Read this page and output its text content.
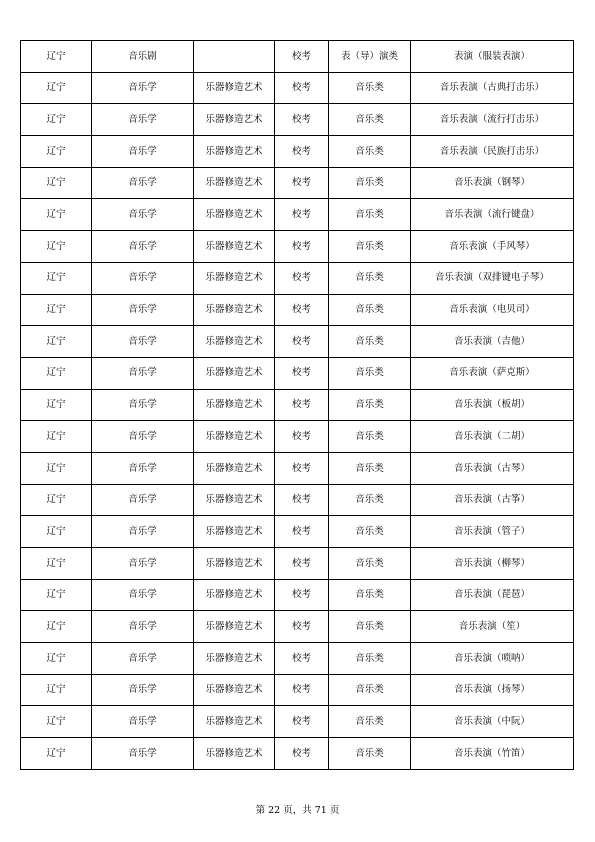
辽宁	音乐剧		校考	表（导）演类	表演（服装表演）
辽宁	音乐学	乐器修造艺术	校考	音乐类	音乐表演（古典打击乐）
辽宁	音乐学	乐器修造艺术	校考	音乐类	音乐表演（流行打击乐）
辽宁	音乐学	乐器修造艺术	校考	音乐类	音乐表演（民族打击乐）
辽宁	音乐学	乐器修造艺术	校考	音乐类	音乐表演（钢琴）
辽宁	音乐学	乐器修造艺术	校考	音乐类	音乐表演（流行键盘）
辽宁	音乐学	乐器修造艺术	校考	音乐类	音乐表演（手风琴）
辽宁	音乐学	乐器修造艺术	校考	音乐类	音乐表演（双排键电子琴）
辽宁	音乐学	乐器修造艺术	校考	音乐类	音乐表演（电贝司）
辽宁	音乐学	乐器修造艺术	校考	音乐类	音乐表演（吉他）
辽宁	音乐学	乐器修造艺术	校考	音乐类	音乐表演（萨克斯）
辽宁	音乐学	乐器修造艺术	校考	音乐类	音乐表演（板胡）
辽宁	音乐学	乐器修造艺术	校考	音乐类	音乐表演（二胡）
辽宁	音乐学	乐器修造艺术	校考	音乐类	音乐表演（古琴）
辽宁	音乐学	乐器修造艺术	校考	音乐类	音乐表演（古筝）
辽宁	音乐学	乐器修造艺术	校考	音乐类	音乐表演（管子）
辽宁	音乐学	乐器修造艺术	校考	音乐类	音乐表演（柳琴）
辽宁	音乐学	乐器修造艺术	校考	音乐类	音乐表演（琵琶）
辽宁	音乐学	乐器修造艺术	校考	音乐类	音乐表演（笙）
辽宁	音乐学	乐器修造艺术	校考	音乐类	音乐表演（唢呐）
辽宁	音乐学	乐器修造艺术	校考	音乐类	音乐表演（扬琴）
辽宁	音乐学	乐器修造艺术	校考	音乐类	音乐表演（中阮）
辽宁	音乐学	乐器修造艺术	校考	音乐类	音乐表演（竹笛）
第 22 页，共 71 页
